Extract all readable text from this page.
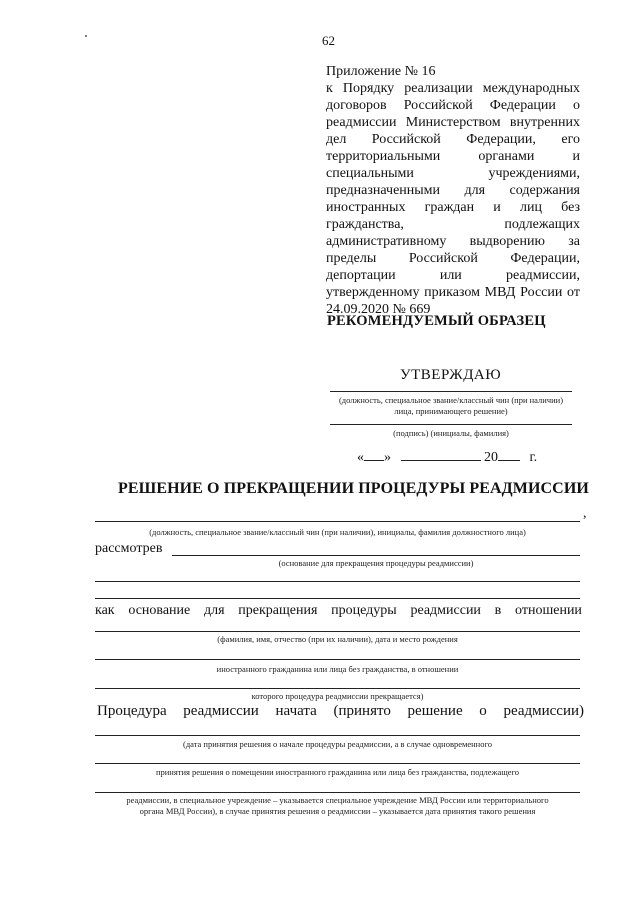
62
Приложение № 16
к Порядку реализации международных договоров Российской Федерации о реадмиссии Министерством внутренних дел Российской Федерации, его территориальными органами и специальными учреждениями, предназначенными для содержания иностранных граждан и лиц без гражданства, подлежащих административному выдворению за пределы Российской Федерации, депортации или реадмиссии, утвержденному приказом МВД России от 24.09.2020 № 669
РЕКОМЕНДУЕМЫЙ ОБРАЗЕЦ
УТВЕРЖДАЮ
(должность, специальное звание/классный чин (при наличии) лица, принимающего решение)
(подпись) (инициалы, фамилия)
« »	20 г.
РЕШЕНИЕ О ПРЕКРАЩЕНИИ ПРОЦЕДУРЫ РЕАДМИССИИ
,
(должность, специальное звание/классный чин (при наличии), инициалы, фамилия должностного лица)
рассмотрев
(основание для прекращения процедуры реадмиссии)
как основание для прекращения процедуры реадмиссии в отношении
(фамилия, имя, отчество (при их наличии), дата и место рождения
иностранного гражданина или лица без гражданства, в отношении
которого процедура реадмиссии прекращается)
Процедура реадмиссии начата (принято решение о реадмиссии)
(дата принятия решения о начале процедуры реадмиссии, а в случае одновременного
принятия решения о помещении иностранного гражданина или лица без гражданства, подлежащего
реадмиссии, в специальное учреждение – указывается специальное учреждение МВД России или территориального
органа МВД России), в случае принятия решения о реадмиссии – указывается дата принятия такого решения
